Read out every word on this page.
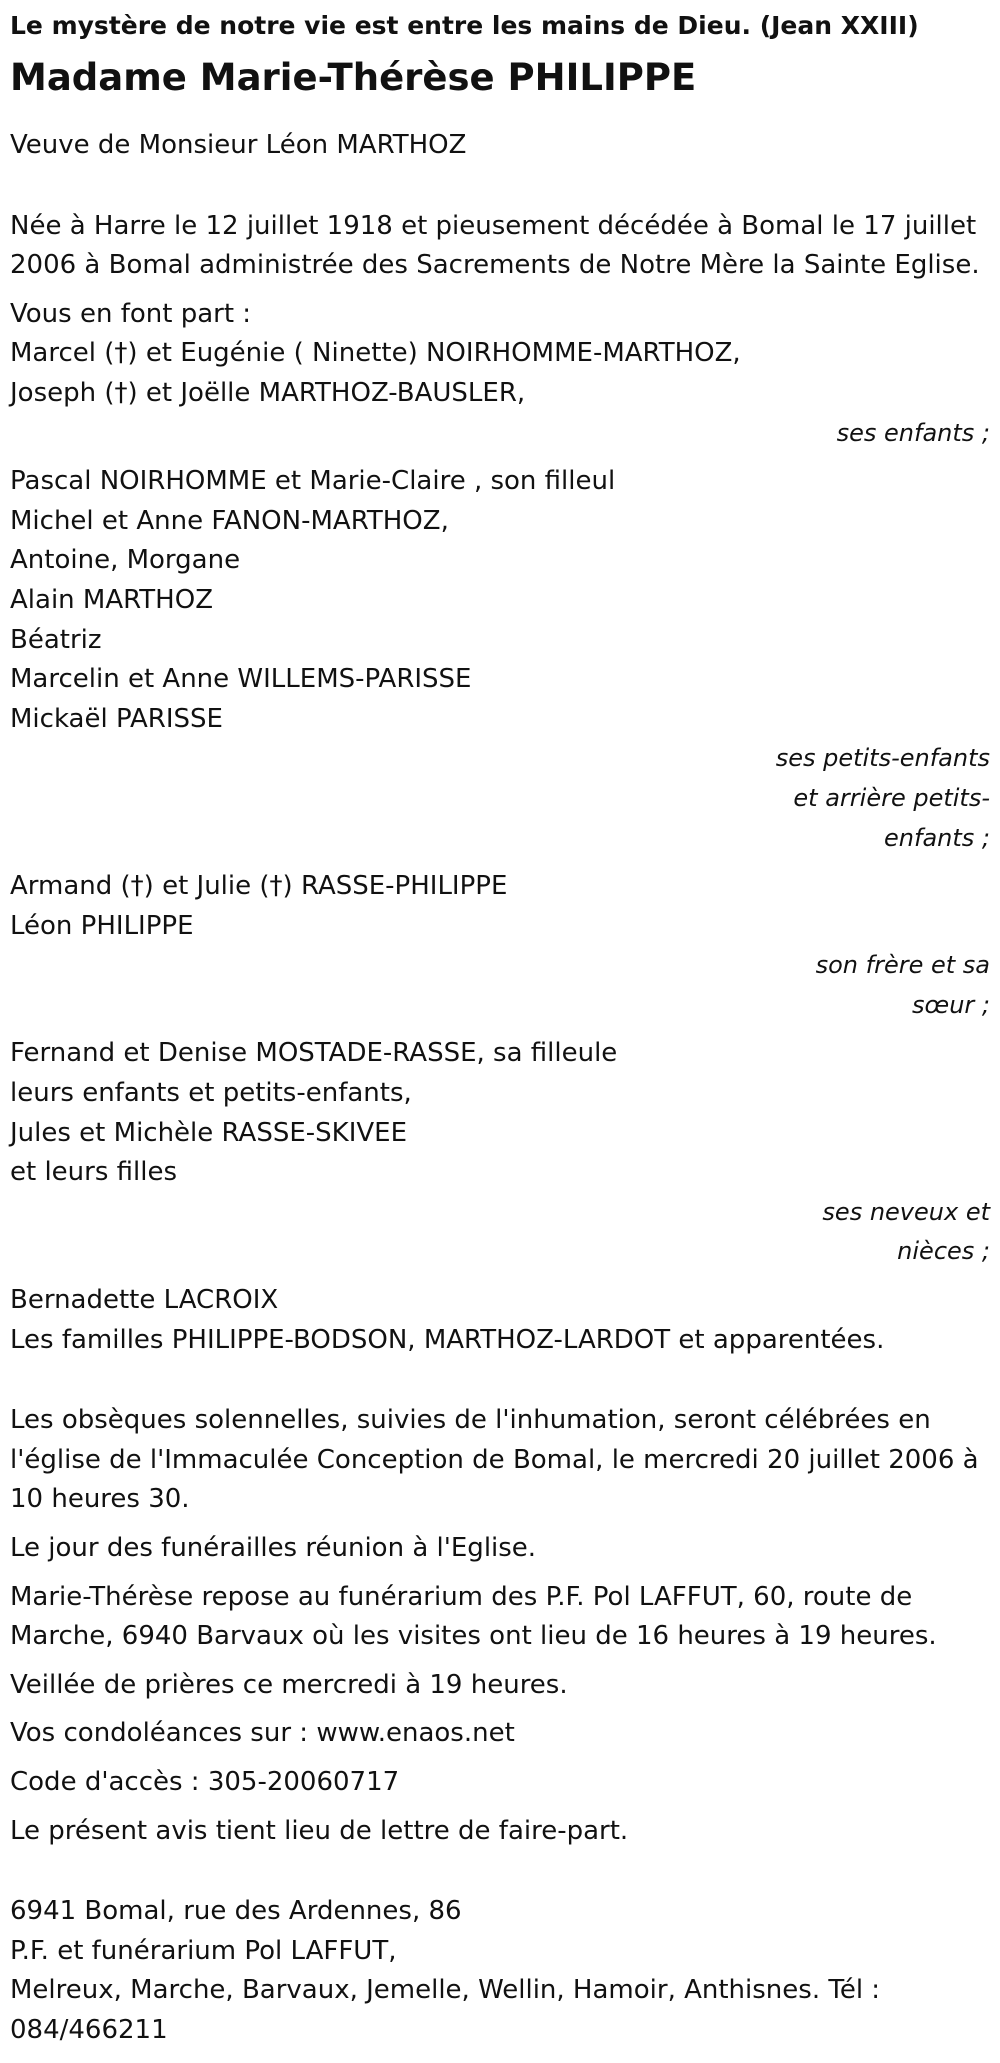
Le mystère de notre vie est entre les mains de Dieu. (Jean XXIII)
Madame Marie-Thérèse PHILIPPE

Veuve de Monsieur Léon MARTHOZ

Née à Harre le 12 juillet 1918 et pieusement décédée à Bomal le 17 juillet 2006 à Bomal administrée des Sacrements de Notre Mère la Sainte Eglise.

Vous en font part :

Marcel (†) et Eugénie ( Ninette) NOIRHOMME-MARTHOZ,
Joseph (†) et Joëlle MARTHOZ-BAUSLER,
ses enfants ;
Pascal NOIRHOMME et Marie-Claire , son filleul
Michel et Anne FANON-MARTHOZ,
Antoine, Morgane
Alain MARTHOZ
Béatriz
Marcelin et Anne WILLEMS-PARISSE
Mickaël PARISSE
ses petits-enfants et arrière petits-enfants ;
Armand (†) et Julie (†) RASSE-PHILIPPE
Léon PHILIPPE
son frère et sa sœur ;
Fernand et Denise MOSTADE-RASSE, sa filleule
leurs enfants et petits-enfants,
Jules et Michèle RASSE-SKIVEE
et leurs filles
ses neveux et nièces ;
Bernadette LACROIX
Les familles PHILIPPE-BODSON, MARTHOZ-LARDOT et apparentées.

Les obsèques solennelles, suivies de l'inhumation, seront célébrées en l'église de l'Immaculée Conception de Bomal, le mercredi 20 juillet 2006 à 10 heures 30.

Le jour des funérailles réunion à l'Eglise.

Marie-Thérèse repose au funérarium des P.F. Pol LAFFUT, 60, route de Marche, 6940 Barvaux où les visites ont lieu de 16 heures à 19 heures.

Veillée de prières ce mercredi à 19 heures.

Vos condoléances sur : www.enaos.net

Code d'accès : 305-20060717

Le présent avis tient lieu de lettre de faire-part.

6941 Bomal, rue des Ardennes, 86
P.F. et funérarium Pol LAFFUT,
Melreux, Marche, Barvaux, Jemelle, Wellin, Hamoir, Anthisnes. Tél : 084/466211
